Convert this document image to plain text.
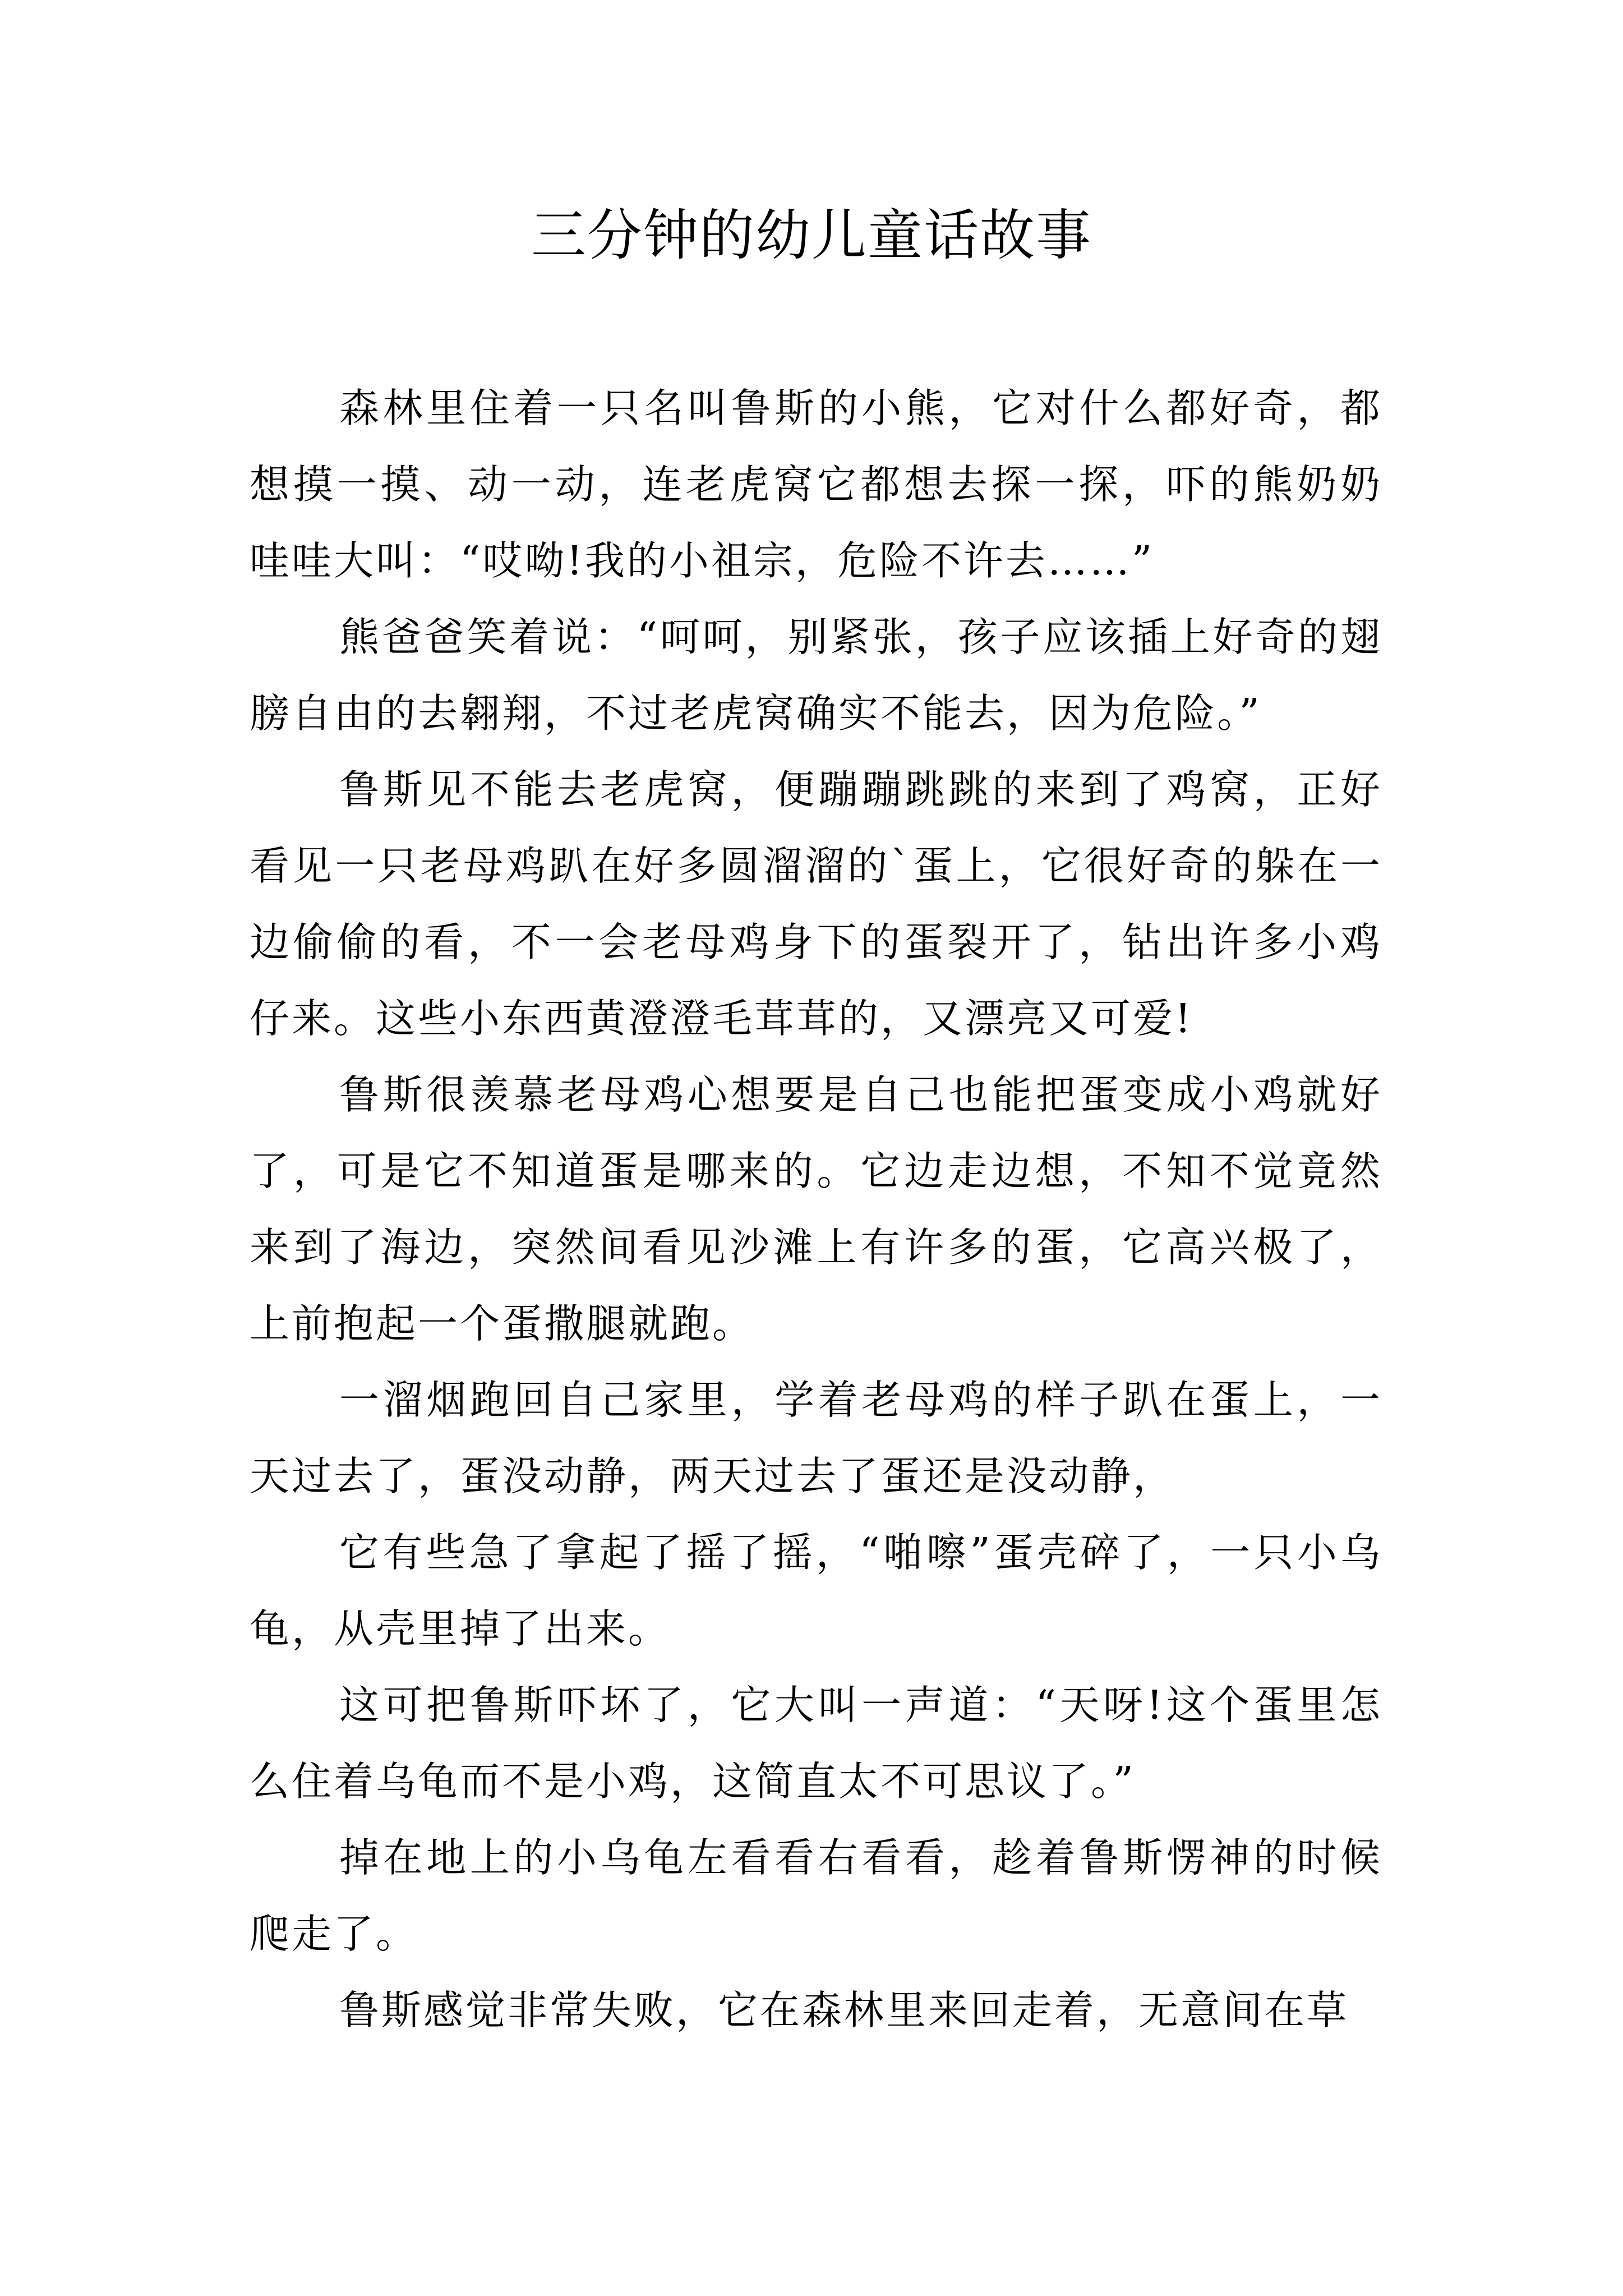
三分钟的幼儿童话故事

森林里住着一只名叫鲁斯的小熊，它对什么都好奇，都想摸一摸、动一动，连老虎窝它都想去探一探，吓的熊奶奶哇哇大叫：“哎呦!我的小祖宗，危险不许去……”

熊爸爸笑着说：“呵呵，别紧张，孩子应该插上好奇的翅膀自由的去翱翔，不过老虎窝确实不能去，因为危险。”

鲁斯见不能去老虎窝，便蹦蹦跳跳的来到了鸡窝，正好看见一只老母鸡趴在好多圆溜溜的`蛋上，它很好奇的躲在一边偷偷的看，不一会老母鸡身下的蛋裂开了，钻出许多小鸡仔来。这些小东西黄澄澄毛茸茸的，又漂亮又可爱!

鲁斯很羡慕老母鸡心想要是自己也能把蛋变成小鸡就好了，可是它不知道蛋是哪来的。它边走边想，不知不觉竟然来到了海边，突然间看见沙滩上有许多的蛋，它高兴极了，上前抱起一个蛋撒腿就跑。

一溜烟跑回自己家里，学着老母鸡的样子趴在蛋上，一天过去了，蛋没动静，两天过去了蛋还是没动静，

它有些急了拿起了摇了摇，“啪嚓”蛋壳碎了，一只小乌龟，从壳里掉了出来。

这可把鲁斯吓坏了，它大叫一声道：“天呀!这个蛋里怎么住着乌龟而不是小鸡，这简直太不可思议了。”

掉在地上的小乌龟左看看右看看，趁着鲁斯愣神的时候爬走了。

鲁斯感觉非常失败，它在森林里来回走着，无意间在草
